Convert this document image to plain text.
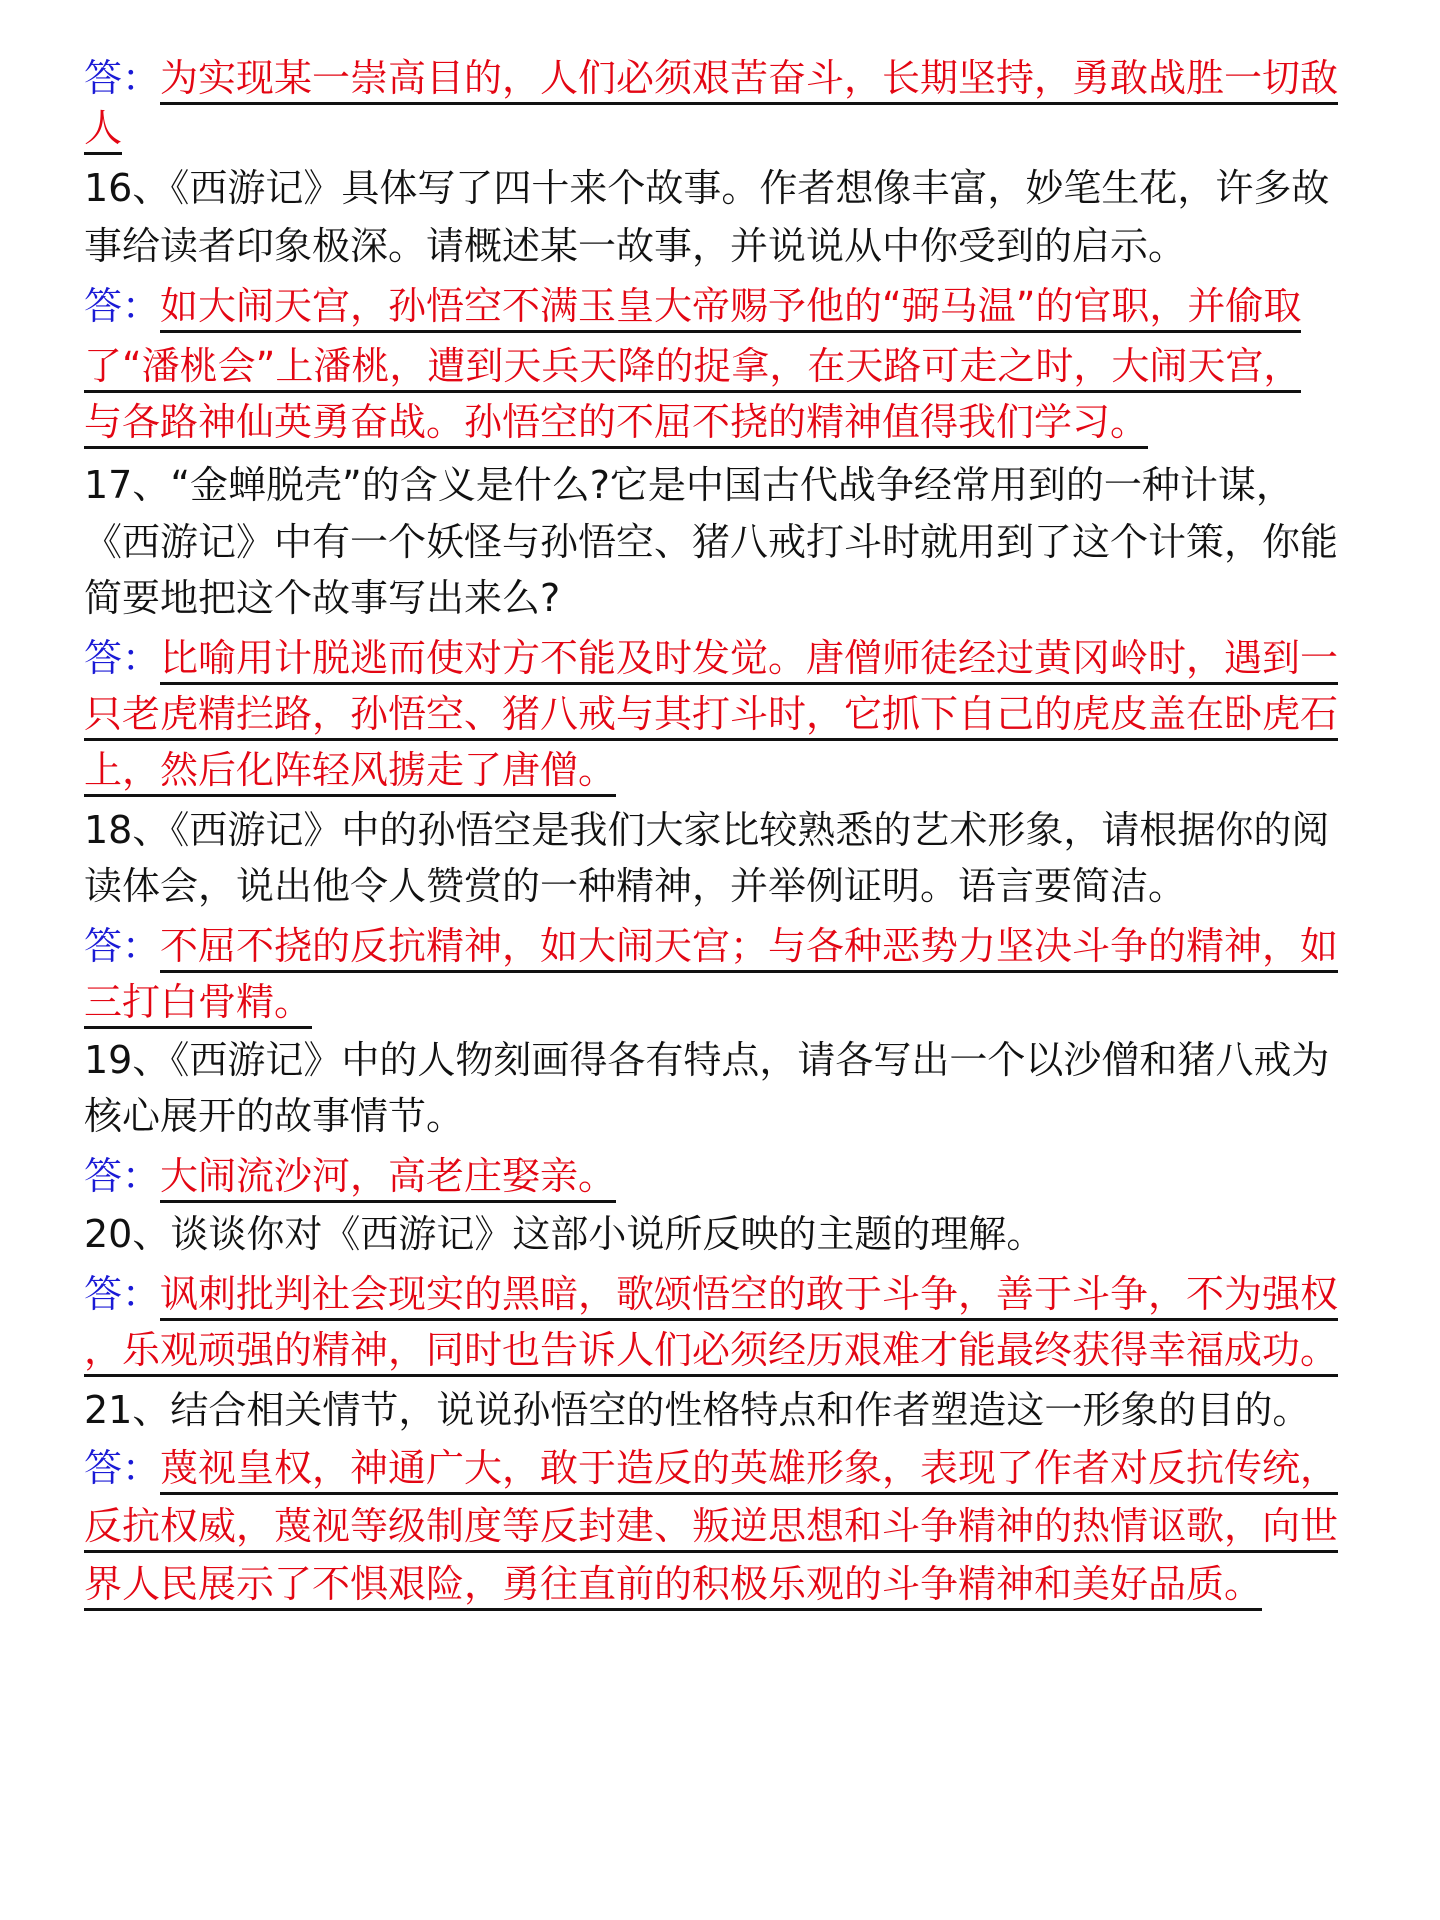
答：为实现某一崇高目的，人们必须艰苦奋斗，长期坚持，勇敢战胜一切敌
人
16、《西游记》具体写了四十来个故事。作者想像丰富，妙笔生花，许多故
事给读者印象极深。请概述某一故事，并说说从中你受到的启示。
答：如大闹天宫，孙悟空不满玉皇大帝赐予他的“弼马温”的官职，并偷取
了“潘桃会”上潘桃，遭到天兵天降的捉拿，在天路可走之时，大闹天宫，
与各路神仙英勇奋战。孙悟空的不屈不挠的精神值得我们学习。
17、“金蝉脱壳”的含义是什么?它是中国古代战争经常用到的一种计谋，
《西游记》中有一个妖怪与孙悟空、猪八戒打斗时就用到了这个计策，你能
简要地把这个故事写出来么?
答：比喻用计脱逃而使对方不能及时发觉。唐僧师徒经过黄冈岭时，遇到一
只老虎精拦路，孙悟空、猪八戒与其打斗时，它抓下自己的虎皮盖在卧虎石
上，然后化阵轻风掳走了唐僧。
18、《西游记》中的孙悟空是我们大家比较熟悉的艺术形象，请根据你的阅
读体会，说出他令人赞赏的一种精神，并举例证明。语言要简洁。
答：不屈不挠的反抗精神，如大闹天宫；与各种恶势力坚决斗争的精神，如
三打白骨精。
19、《西游记》中的人物刻画得各有特点，请各写出一个以沙僧和猪八戒为
核心展开的故事情节。
答：大闹流沙河，高老庄娶亲。
20、谈谈你对《西游记》这部小说所反映的主题的理解。
答：讽刺批判社会现实的黑暗，歌颂悟空的敢于斗争，善于斗争，不为强权
，乐观顽强的精神，同时也告诉人们必须经历艰难才能最终获得幸福成功。
21、结合相关情节，说说孙悟空的性格特点和作者塑造这一形象的目的。
答：蔑视皇权，神通广大，敢于造反的英雄形象，表现了作者对反抗传统，
反抗权威，蔑视等级制度等反封建、叛逆思想和斗争精神的热情讴歌，向世
界人民展示了不惧艰险，勇往直前的积极乐观的斗争精神和美好品质。
